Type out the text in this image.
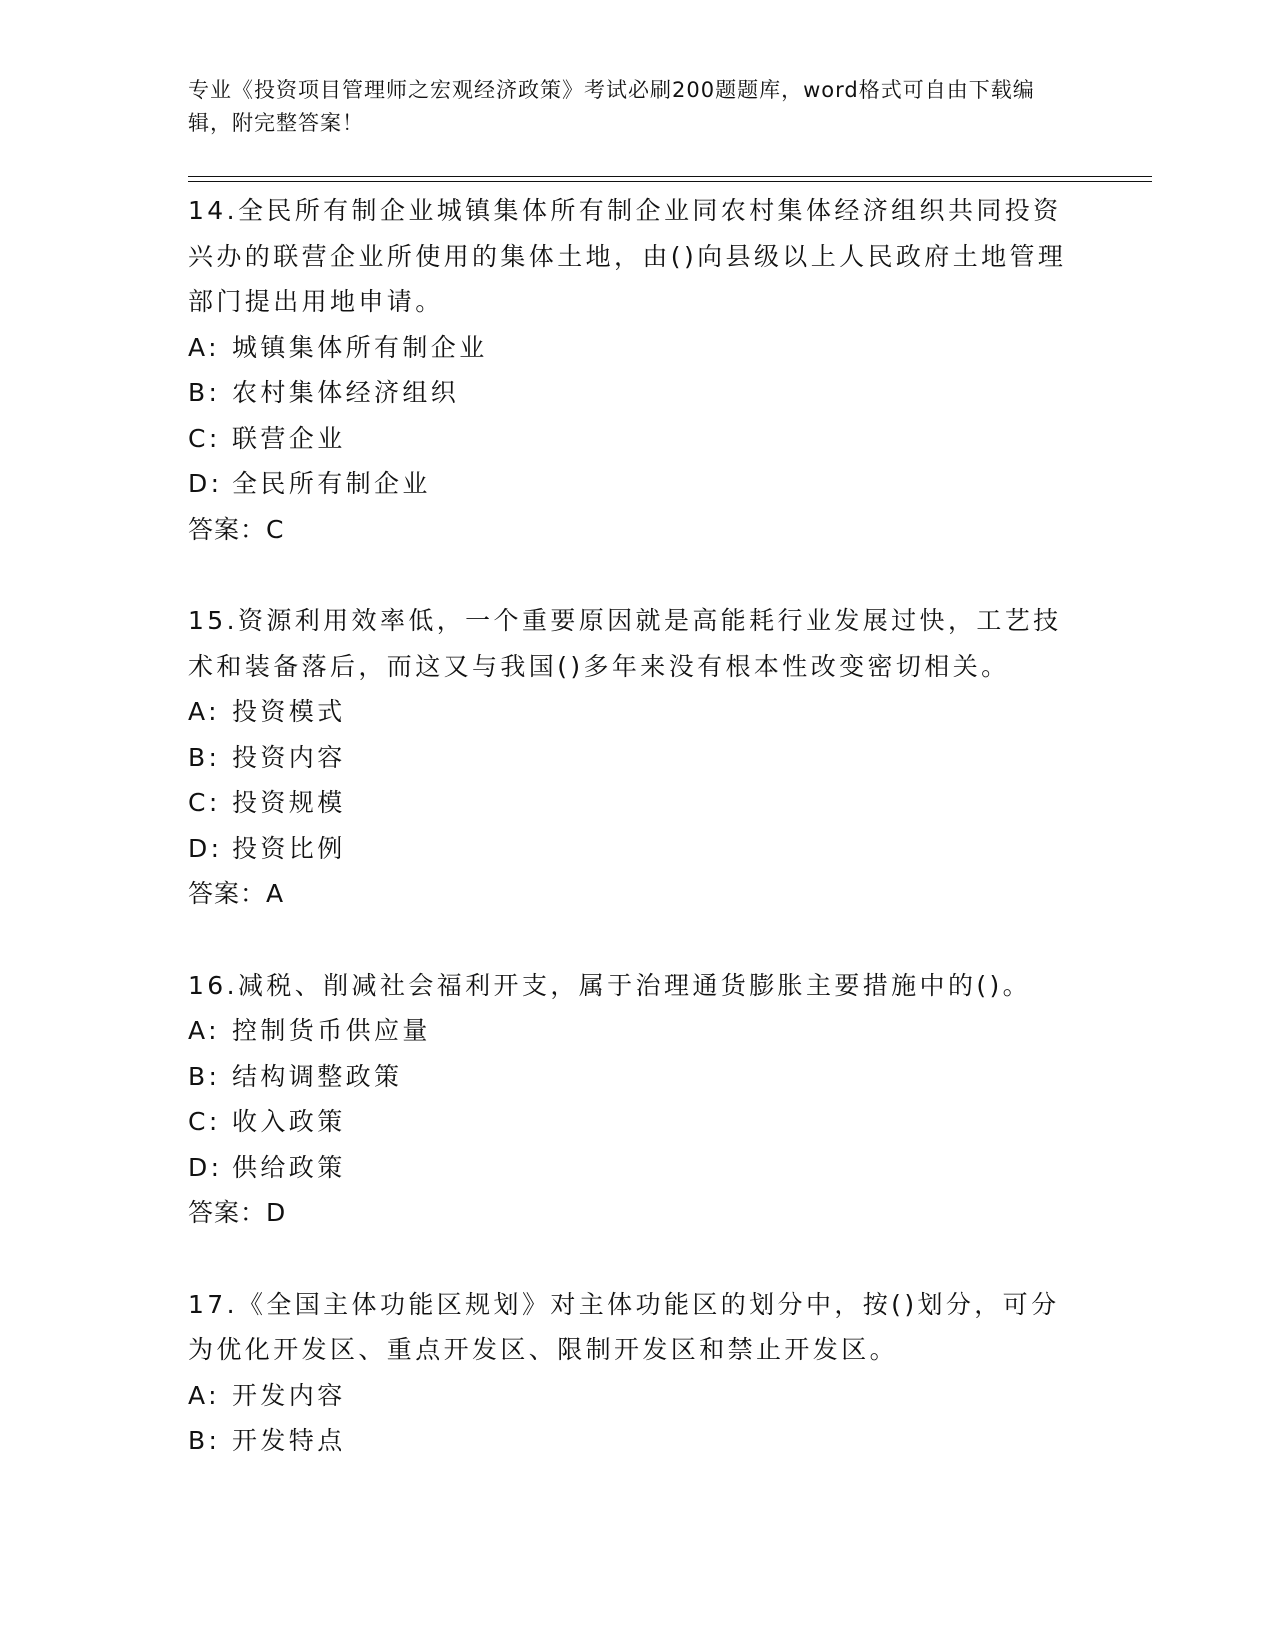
专业《投资项目管理师之宏观经济政策》考试必刷200题题库，word格式可自由下载编辑，附完整答案！
14.全民所有制企业城镇集体所有制企业同农村集体经济组织共同投资兴办的联营企业所使用的集体土地，由()向县级以上人民政府土地管理部门提出用地申请。
A: 城镇集体所有制企业
B: 农村集体经济组织
C: 联营企业
D: 全民所有制企业
答案：C
15.资源利用效率低，一个重要原因就是高能耗行业发展过快，工艺技术和装备落后，而这又与我国()多年来没有根本性改变密切相关。
A: 投资模式
B: 投资内容
C: 投资规模
D: 投资比例
答案：A
16.减税、削减社会福利开支，属于治理通货膨胀主要措施中的()。
A: 控制货币供应量
B: 结构调整政策
C: 收入政策
D: 供给政策
答案：D
17.《全国主体功能区规划》对主体功能区的划分中，按()划分，可分为优化开发区、重点开发区、限制开发区和禁止开发区。
A: 开发内容
B: 开发特点
